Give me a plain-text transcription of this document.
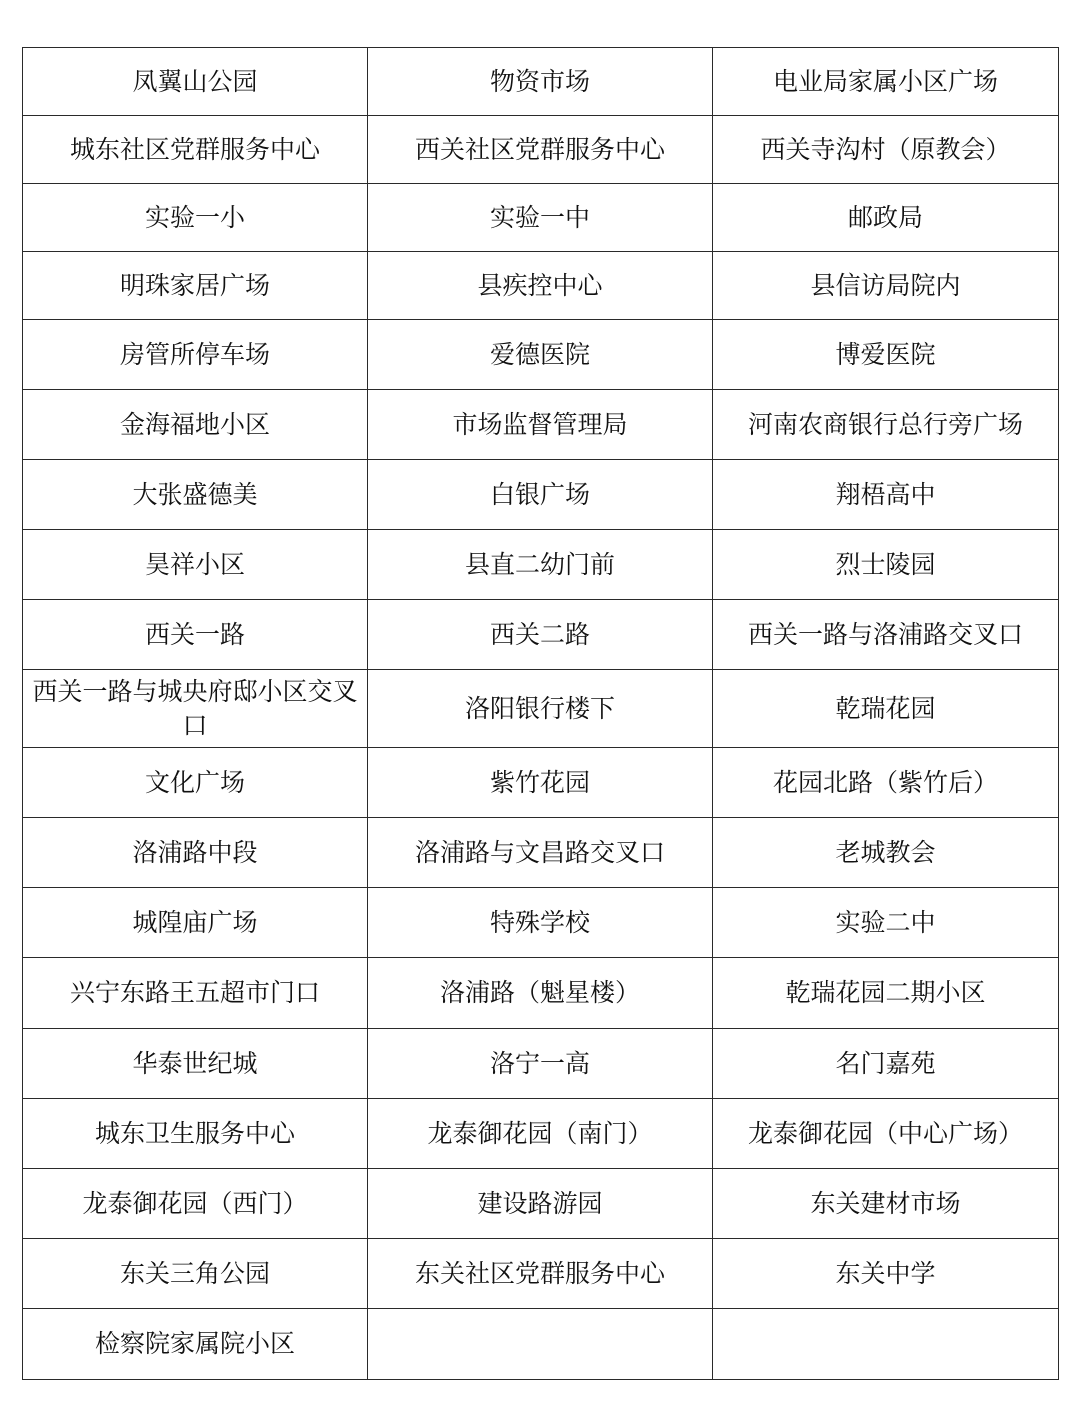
凤翼山公园	物资市场	电业局家属小区广场
城东社区党群服务中心	西关社区党群服务中心	西关寺沟村（原教会）
实验一小	实验一中	邮政局
明珠家居广场	县疾控中心	县信访局院内
房管所停车场	爱德医院	博爱医院
金海福地小区	市场监督管理局	河南农商银行总行旁广场
大张盛德美	白银广场	翔梧高中
昊祥小区	县直二幼门前	烈士陵园
西关一路	西关二路	西关一路与洛浦路交叉口
西关一路与城央府邸小区交叉口	洛阳银行楼下	乾瑞花园
文化广场	紫竹花园	花园北路（紫竹后）
洛浦路中段	洛浦路与文昌路交叉口	老城教会
城隍庙广场	特殊学校	实验二中
兴宁东路王五超市门口	洛浦路（魁星楼）	乾瑞花园二期小区
华泰世纪城	洛宁一高	名门嘉苑
城东卫生服务中心	龙泰御花园（南门）	龙泰御花园（中心广场）
龙泰御花园（西门）	建设路游园	东关建材市场
东关三角公园	东关社区党群服务中心	东关中学
检察院家属院小区		
